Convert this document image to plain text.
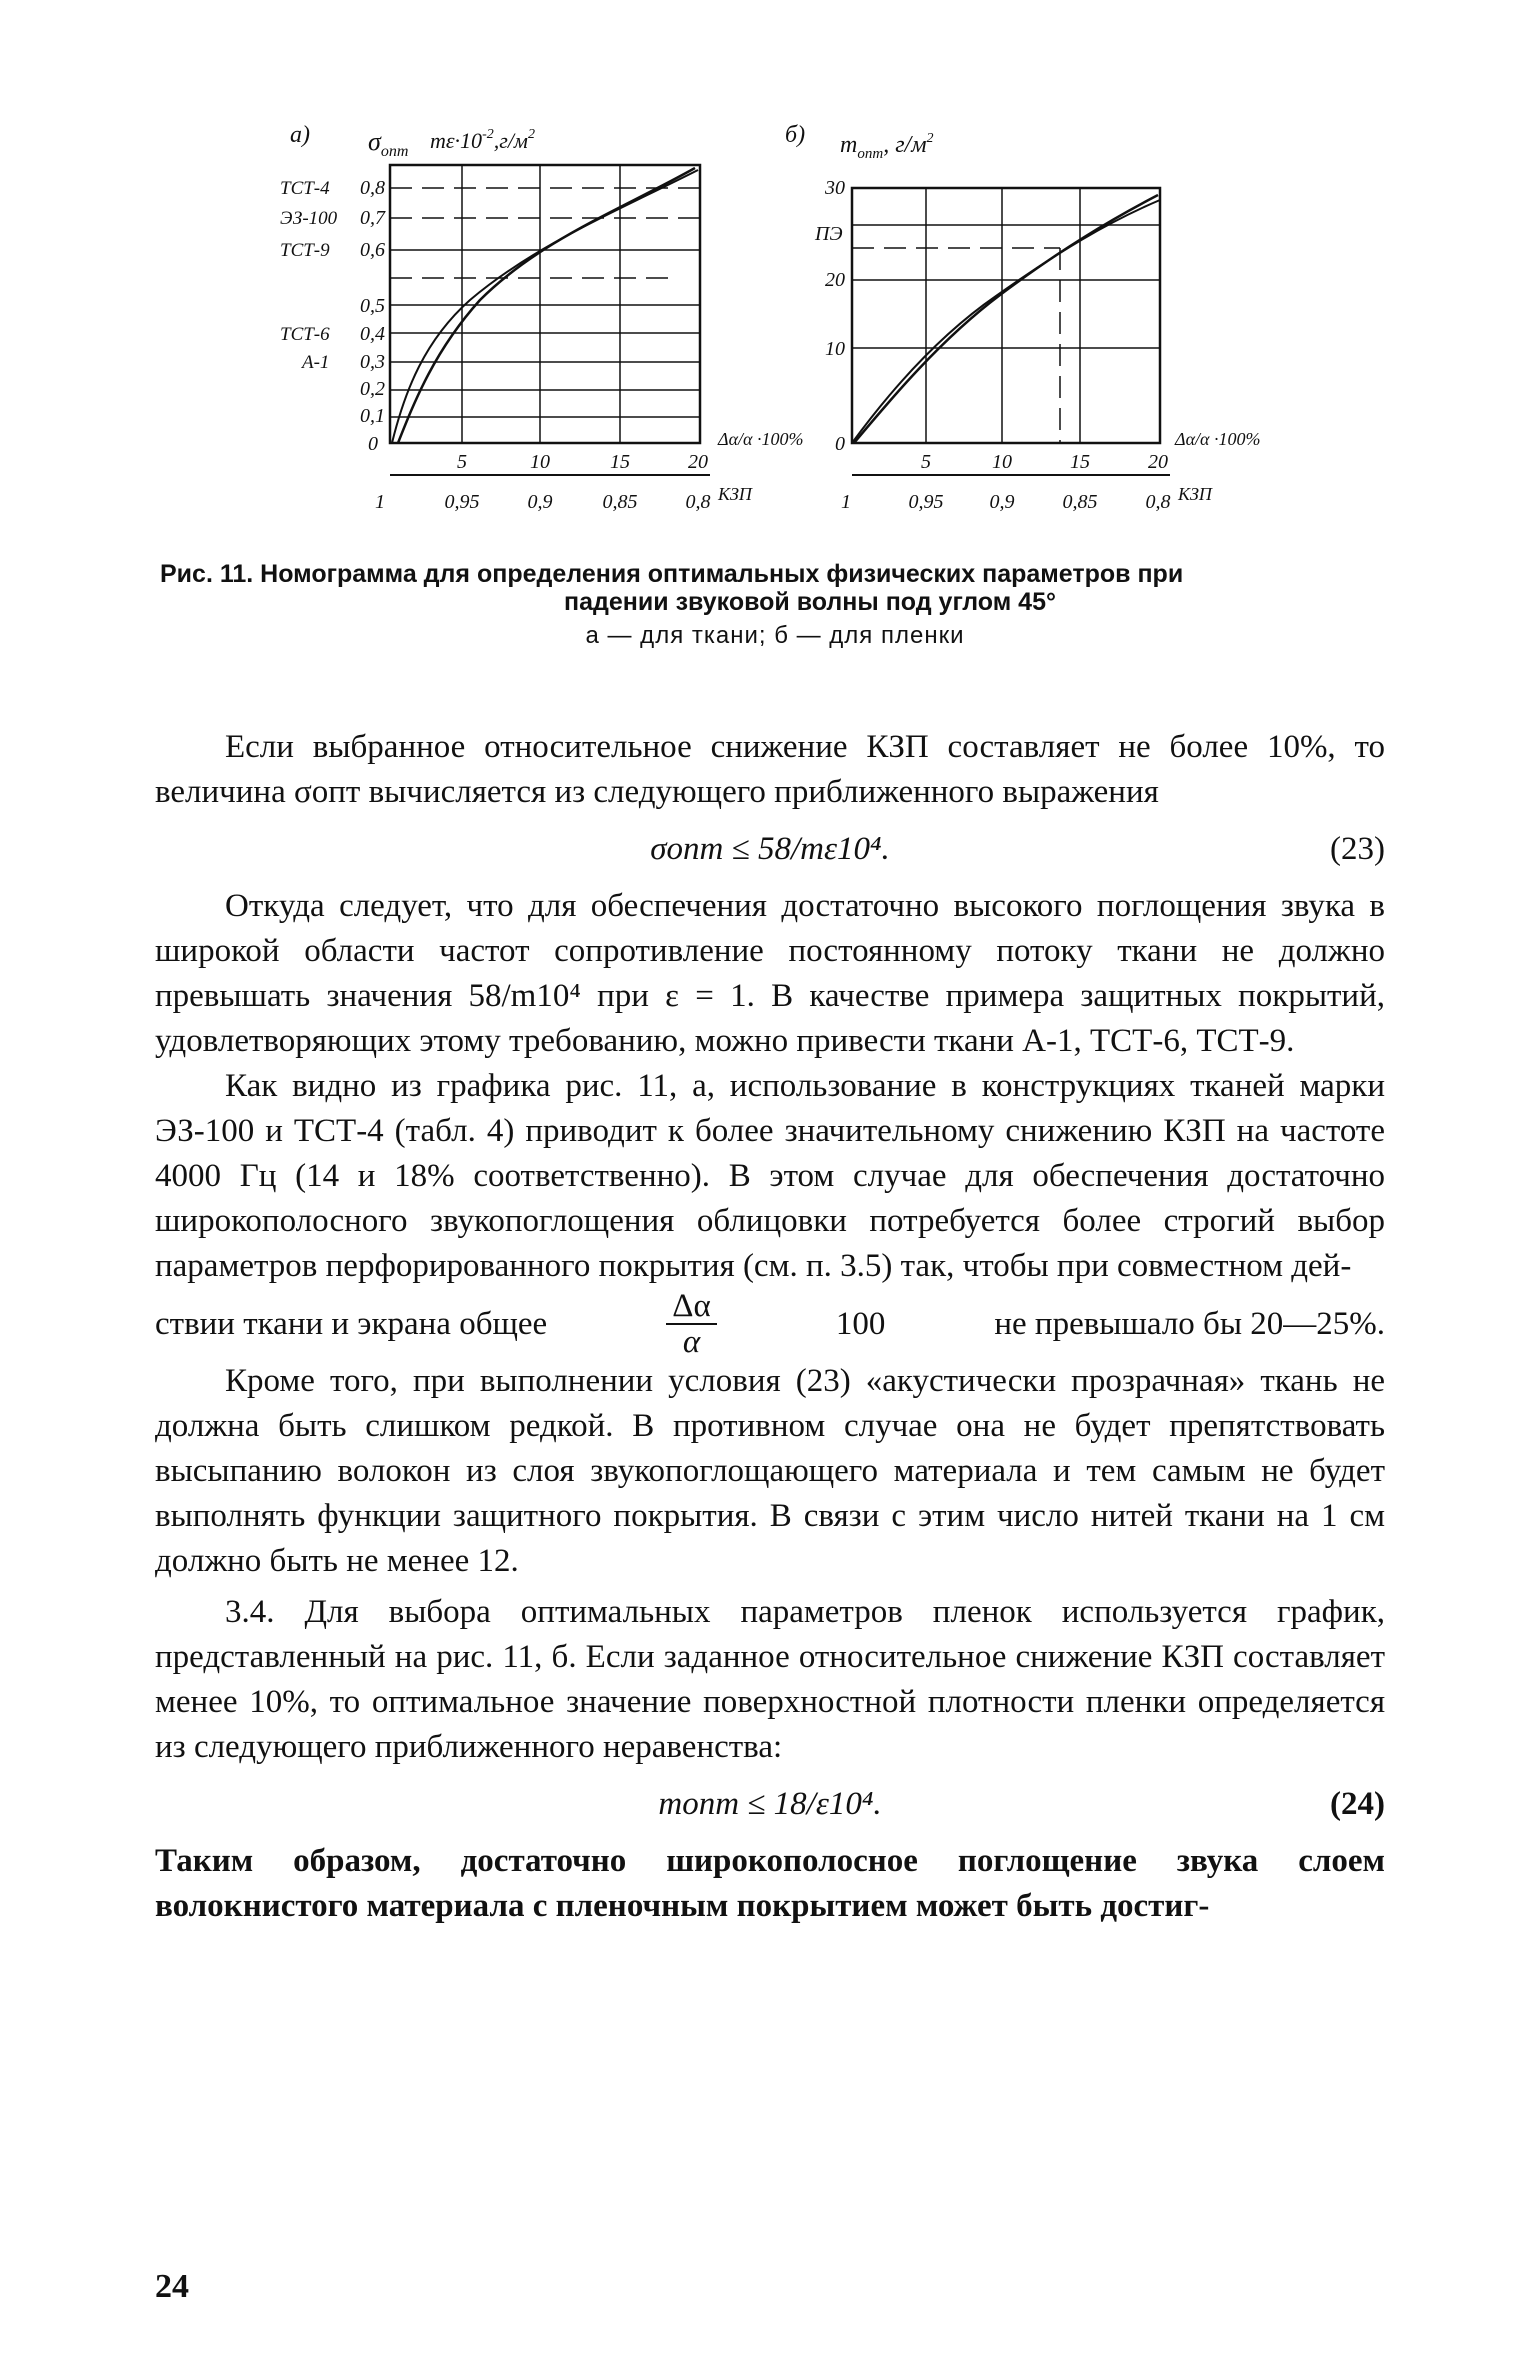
а) $\sigma_{опт}$ $m\varepsilon\cdot 10^{-2},г/м^2$
0
0,1
0,2
0,3
0,4
0,5
0,6
0,7
0,8
ТСТ-4
ЭЗ-100
ТСТ-9
ТСТ-6
А-1
5	10	15	20
Δα/α ·100%
1	0,95 0,9	0,85 0,8 КЗП
б) $m_{опт}$, $г/м^2$
0
10
20
30
ПЭ
5	10	15	20
Δα/α ·100%
1	0,95 0,9 0,85 0,8 КЗП
Рис. 11. Номограмма для определения оптимальных физических параметров при
падении звуковой волны под углом 45°
а — для ткани; б — для пленки

Если выбранное относительное снижение КЗП составляет не более 10%, то величина σопт вычисляется из следующего приближенного выражения

σопт ≤ 58/mε10⁴.	(23)

Откуда следует, что для обеспечения достаточно высокого поглощения звука в широкой области частот сопротивление постоянному потоку ткани не должно превышать значения 58/m10⁴ при ε = 1. В качестве примера защитных покрытий, удовлетворяющих этому требованию, можно привести ткани А-1, ТСТ-6, ТСТ-9.

Как видно из графика рис. 11, а, использование в конструкциях тканей марки ЭЗ-100 и ТСТ-4 (табл. 4) приводит к более значительному снижению КЗП на частоте 4000 Гц (14 и 18% соответственно). В этом случае для обеспечения достаточно широкополосного звукопоглощения облицовки потребуется более строгий выбор параметров перфорированного покрытия (см. п. 3.5) так, чтобы при совместном дей-

ствии ткани и экрана общее	$\frac{\Delta\alpha}{\alpha}$	100	не превышало бы 20—25%.

Кроме того, при выполнении условия (23) «акустически прозрачная» ткань не должна быть слишком редкой. В противном случае она не будет препятствовать высыпанию волокон из слоя звукопоглощающего материала и тем самым не будет выполнять функции защитного покрытия. В связи с этим число нитей ткани на 1 см должно быть не менее 12.

3.4. Для выбора оптимальных параметров пленок используется график, представленный на рис. 11, б. Если заданное относительное снижение КЗП составляет менее 10%, то оптимальное значение поверхностной плотности пленки определяется из следующего приближенного неравенства:

mопт ≤ 18/ε10⁴.	(24)

Таким образом, достаточно широкополосное поглощение звука слоем волокнистого материала с пленочным покрытием может быть достиг-

24
